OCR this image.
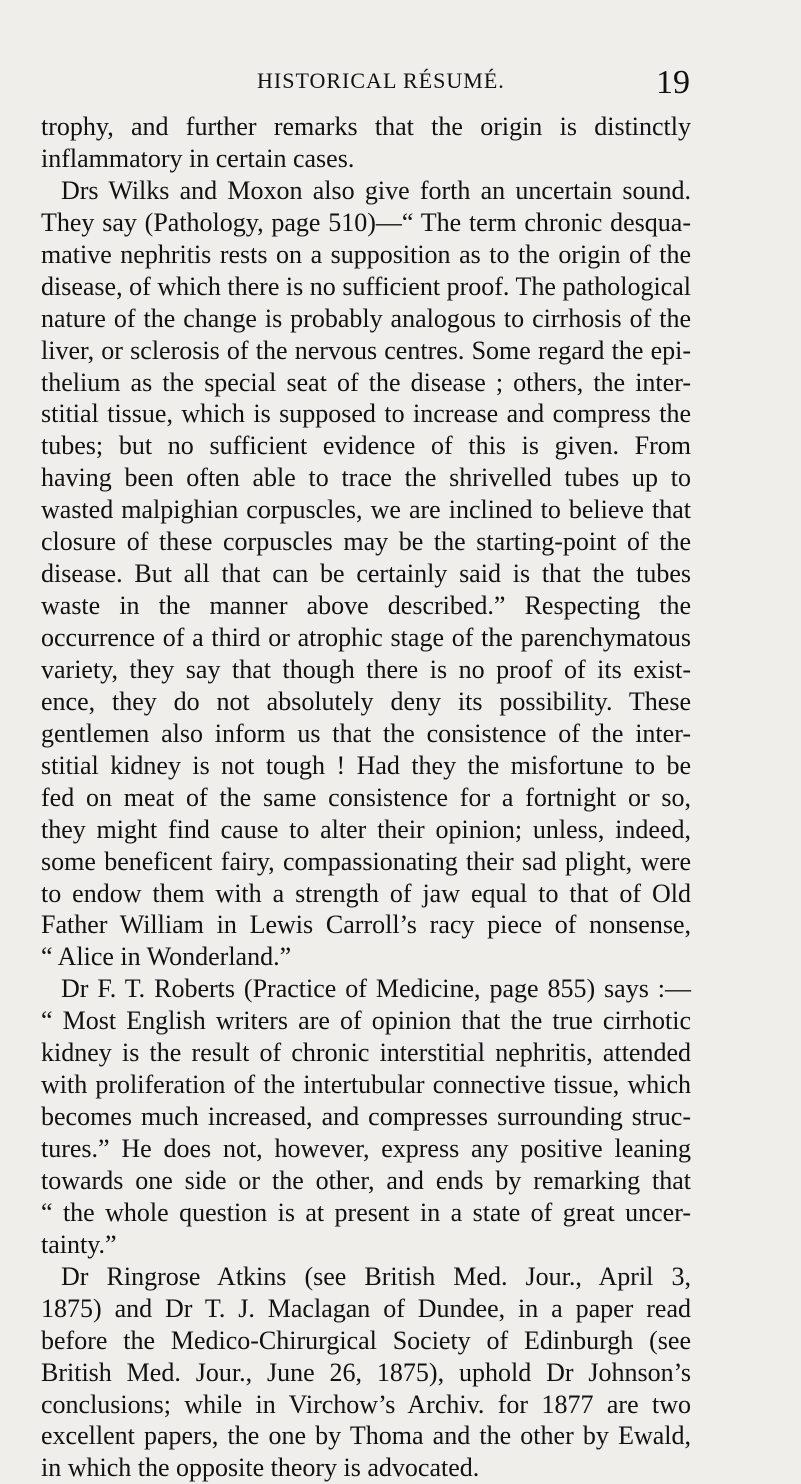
HISTORICAL RÉSUMÉ.	19
trophy, and further remarks that the origin is distinctly
inflammatory in certain cases.
Drs Wilks and Moxon also give forth an uncertain sound.
They say (Pathology, page 510)—“ The term chronic desqua-
mative nephritis rests on a supposition as to the origin of the
disease, of which there is no sufficient proof. The pathological
nature of the change is probably analogous to cirrhosis of the
liver, or sclerosis of the nervous centres. Some regard the epi-
thelium as the special seat of the disease ; others, the inter-
stitial tissue, which is supposed to increase and compress the
tubes; but no sufficient evidence of this is given. From
having been often able to trace the shrivelled tubes up to
wasted malpighian corpuscles, we are inclined to believe that
closure of these corpuscles may be the starting-point of the
disease. But all that can be certainly said is that the tubes
waste in the manner above described.” Respecting the
occurrence of a third or atrophic stage of the parenchymatous
variety, they say that though there is no proof of its exist-
ence, they do not absolutely deny its possibility. These
gentlemen also inform us that the consistence of the inter-
stitial kidney is not tough ! Had they the misfortune to be
fed on meat of the same consistence for a fortnight or so,
they might find cause to alter their opinion; unless, indeed,
some beneficent fairy, compassionating their sad plight, were
to endow them with a strength of jaw equal to that of Old
Father William in Lewis Carroll’s racy piece of nonsense,
“ Alice in Wonderland.”
Dr F. T. Roberts (Practice of Medicine, page 855) says :—
“ Most English writers are of opinion that the true cirrhotic
kidney is the result of chronic interstitial nephritis, attended
with proliferation of the intertubular connective tissue, which
becomes much increased, and compresses surrounding struc-
tures.” He does not, however, express any positive leaning
towards one side or the other, and ends by remarking that
“ the whole question is at present in a state of great uncer-
tainty.”
Dr Ringrose Atkins (see British Med. Jour., April 3,
1875) and Dr T. J. Maclagan of Dundee, in a paper read
before the Medico-Chirurgical Society of Edinburgh (see
British Med. Jour., June 26, 1875), uphold Dr Johnson’s
conclusions; while in Virchow’s Archiv. for 1877 are two
excellent papers, the one by Thoma and the other by Ewald,
in which the opposite theory is advocated.
